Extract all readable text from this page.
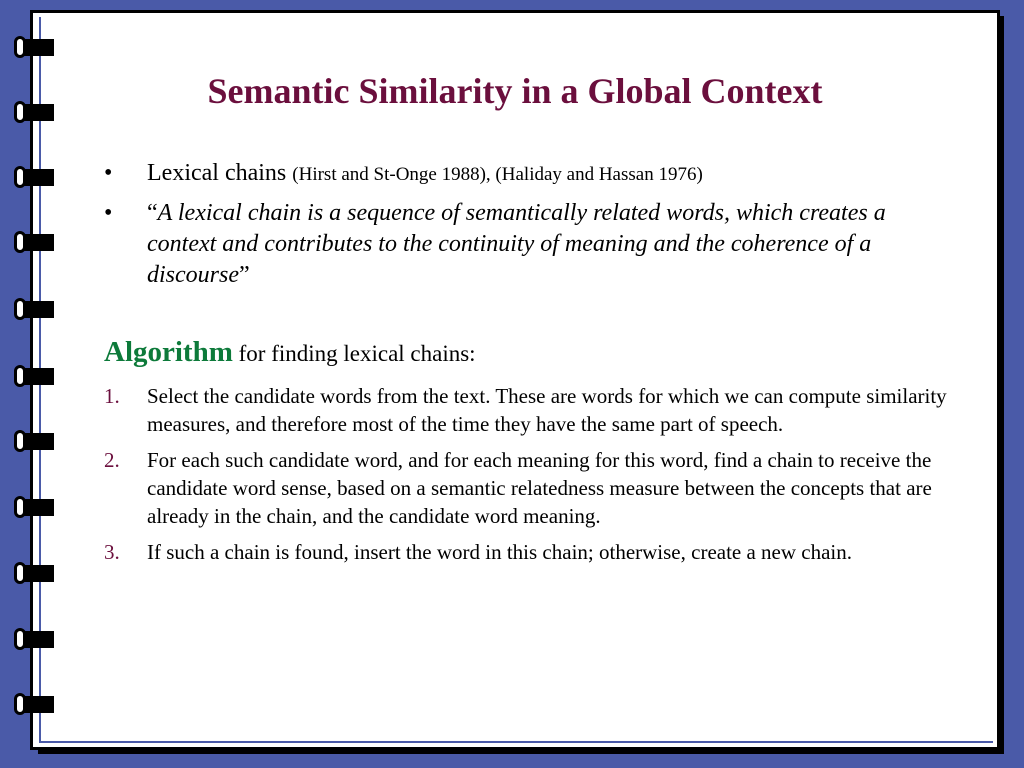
Semantic Similarity in a Global Context
• Lexical chains (Hirst and St-Onge 1988), (Haliday and Hassan 1976)
• “A lexical chain is a sequence of semantically related words, which creates a context and contributes to the continuity of meaning and the coherence of a discourse”
Algorithm for finding lexical chains:
1. Select the candidate words from the text. These are words for which we can compute similarity measures, and therefore most of the time they have the same part of speech.
2. For each such candidate word, and for each meaning for this word, find a chain to receive the candidate word sense, based on a semantic relatedness measure between the concepts that are already in the chain, and the candidate word meaning.
3. If such a chain is found, insert the word in this chain; otherwise, create a new chain.
